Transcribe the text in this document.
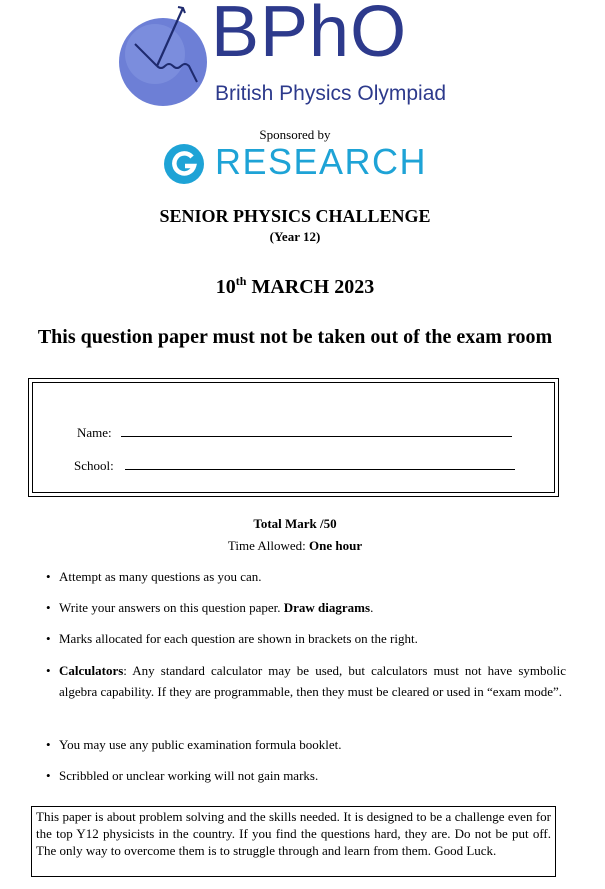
BPhO
British Physics Olympiad
Sponsored by
RESEARCH
SENIOR PHYSICS CHALLENGE
(Year 12)
10th MARCH 2023
This question paper must not be taken out of the exam room
Name:
School:
Total Mark /50
Time Allowed: One hour
• Attempt as many questions as you can.
• Write your answers on this question paper. Draw diagrams.
• Marks allocated for each question are shown in brackets on the right.
• Calculators: Any standard calculator may be used, but calculators must not have symbolic algebra capability. If they are programmable, then they must be cleared or used in “exam mode”.
• You may use any public examination formula booklet.
• Scribbled or unclear working will not gain marks.
This paper is about problem solving and the skills needed. It is designed to be a challenge even for the top Y12 physicists in the country. If you find the questions hard, they are. Do not be put off. The only way to overcome them is to struggle through and learn from them. Good Luck.
